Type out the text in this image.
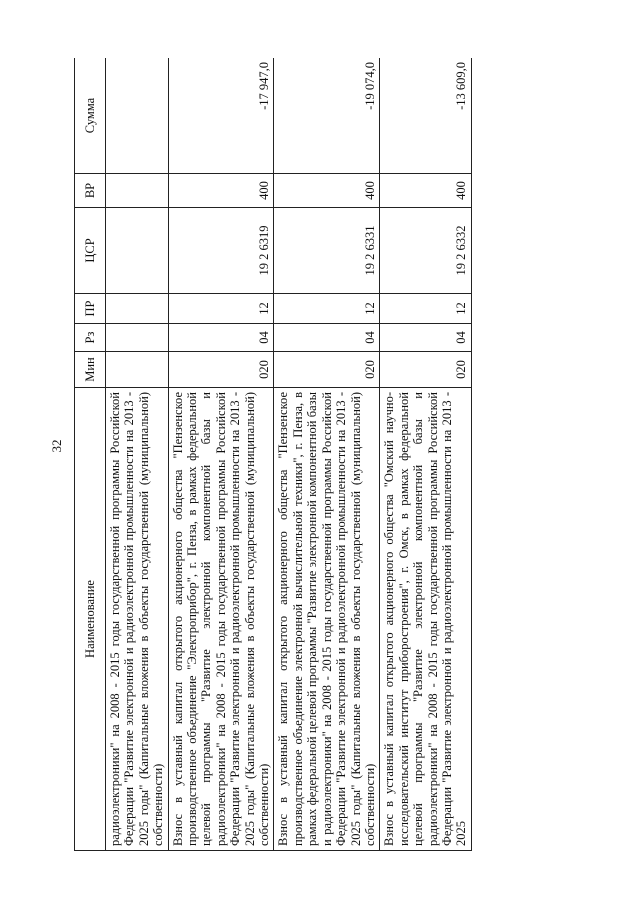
32
Наименование	Мин	Рз	ПР	ЦСР	ВР	Сумма
радиоэлектроники" на 2008 - 2015 годы государственной программы Российской Федерации "Развитие электронной и радиоэлектронной промышленности на 2013 - 2025 годы" (Капитальные вложения в объекты государственной (муниципальной) собственности)						
Взнос в уставный капитал открытого акционерного общества "Пензенское производственное объединение "Электроприбор", г. Пенза, в рамках федеральной целевой программы "Развитие электронной компонентной базы и радиоэлектроники" на 2008 - 2015 годы государственной программы Российской Федерации "Развитие электронной и радиоэлектронной промышленности на 2013 - 2025 годы" (Капитальные вложения в объекты государственной (муниципальной) собственности)	020	04	12	19 2 6319	400	-17 947,0
Взнос в уставный капитал открытого акционерного общества "Пензенское производственное объединение электронной вычислительной техники", г. Пенза, в рамках федеральной целевой программы "Развитие электронной компонентной базы и радиоэлектроники" на 2008 - 2015 годы государственной программы Российской Федерации "Развитие электронной и радиоэлектронной промышленности на 2013 - 2025 годы" (Капитальные вложения в объекты государственной (муниципальной) собственности)	020	04	12	19 2 6331	400	-19 074,0
Взнос в уставный капитал открытого акционерного общества "Омский научно-исследовательский институт приборостроения", г. Омск, в рамках федеральной целевой программы "Развитие электронной компонентной базы и радиоэлектроники" на 2008 - 2015 годы государственной программы Российской Федерации "Развитие электронной и радиоэлектронной промышленности на 2013 - 2025	020	04	12	19 2 6332	400	-13 609,0
